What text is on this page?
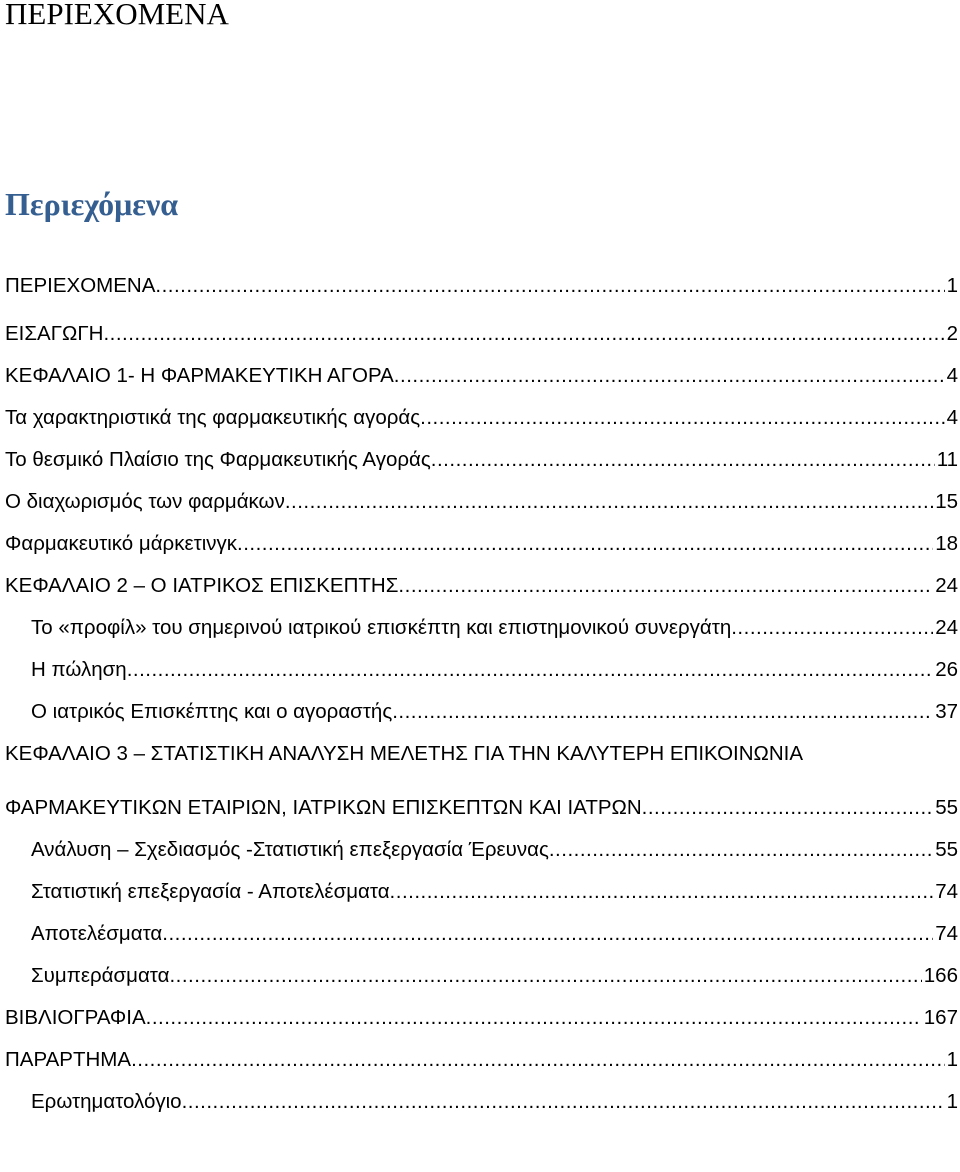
ΠΕΡΙΕΧΟΜΕΝΑ
Περιεχόμενα
ΠΕΡΙΕΧΟΜΕΝΑ .....	1
ΕΙΣΑΓΩΓΗ .....	2
ΚΕΦΑΛΑΙΟ 1- Η ΦΑΡΜΑΚΕΥΤΙΚΗ ΑΓΟΡΑ .....	4
Τα χαρακτηριστικά της φαρμακευτικής αγοράς .....	4
Το θεσμικό Πλαίσιο της Φαρμακευτικής Αγοράς .....	11
Ο διαχωρισμός των φαρμάκων .....	15
Φαρμακευτικό μάρκετινγκ .....	18
ΚΕΦΑΛΑΙΟ 2 – Ο ΙΑΤΡΙΚΟΣ ΕΠΙΣΚΕΠΤΗΣ .....	24
Το «προφίλ» του σημερινού ιατρικού επισκέπτη και επιστημονικού συνεργάτη .....	24
Η πώληση .....	26
Ο ιατρικός Επισκέπτης και ο αγοραστής .....	37
ΚΕΦΑΛΑΙΟ 3 – ΣΤΑΤΙΣΤΙΚΗ ΑΝΑΛΥΣΗ ΜΕΛΕΤΗΣ ΓΙΑ ΤΗΝ ΚΑΛΥΤΕΡΗ ΕΠΙΚΟΙΝΩΝΙΑ
ΦΑΡΜΑΚΕΥΤΙΚΩΝ ΕΤΑΙΡΙΩΝ, ΙΑΤΡΙΚΩΝ ΕΠΙΣΚΕΠΤΩΝ ΚΑΙ ΙΑΤΡΩΝ .....	55
Ανάλυση – Σχεδιασμός -Στατιστική επεξεργασία Έρευνας .....	55
Στατιστική επεξεργασία - Αποτελέσματα .....	74
Αποτελέσματα .....	74
Συμπεράσματα .....	166
ΒΙΒΛΙΟΓΡΑΦΙΑ .....	167
ΠΑΡΑΡΤΗΜΑ .....	1
Ερωτηματολόγιο .....	1
